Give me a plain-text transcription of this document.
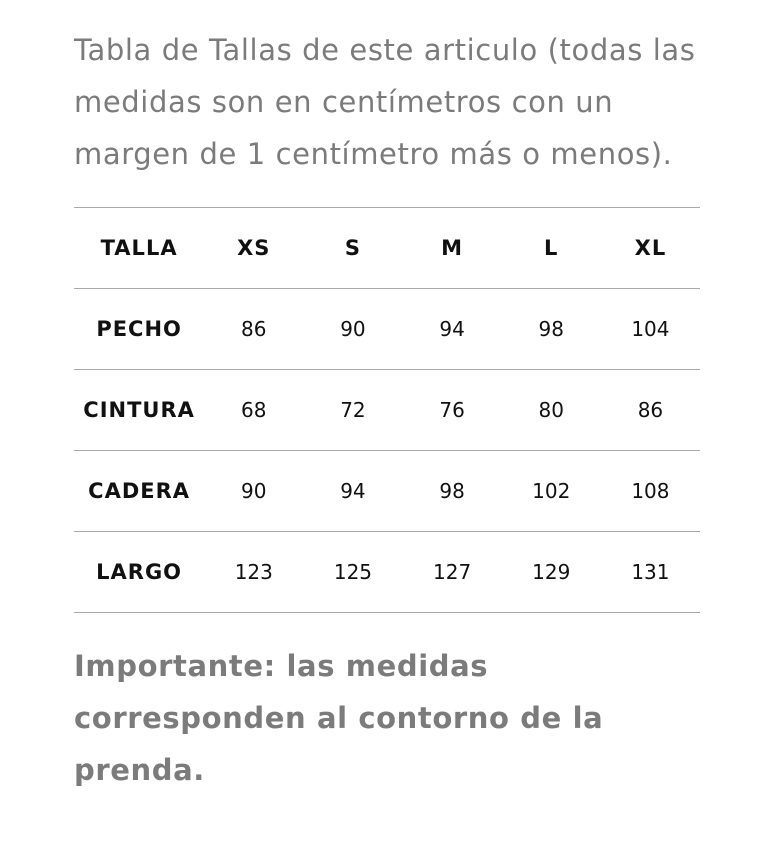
Tabla de Tallas de este articulo (todas las medidas son en centímetros con un margen de 1 centímetro más o menos).

TALLA	XS	S	M	L	XL
PECHO	86	90	94	98	104
CINTURA	68	72	76	80	86
CADERA	90	94	98	102	108
LARGO	123	125	127	129	131

Importante: las medidas corresponden al contorno de la prenda.
